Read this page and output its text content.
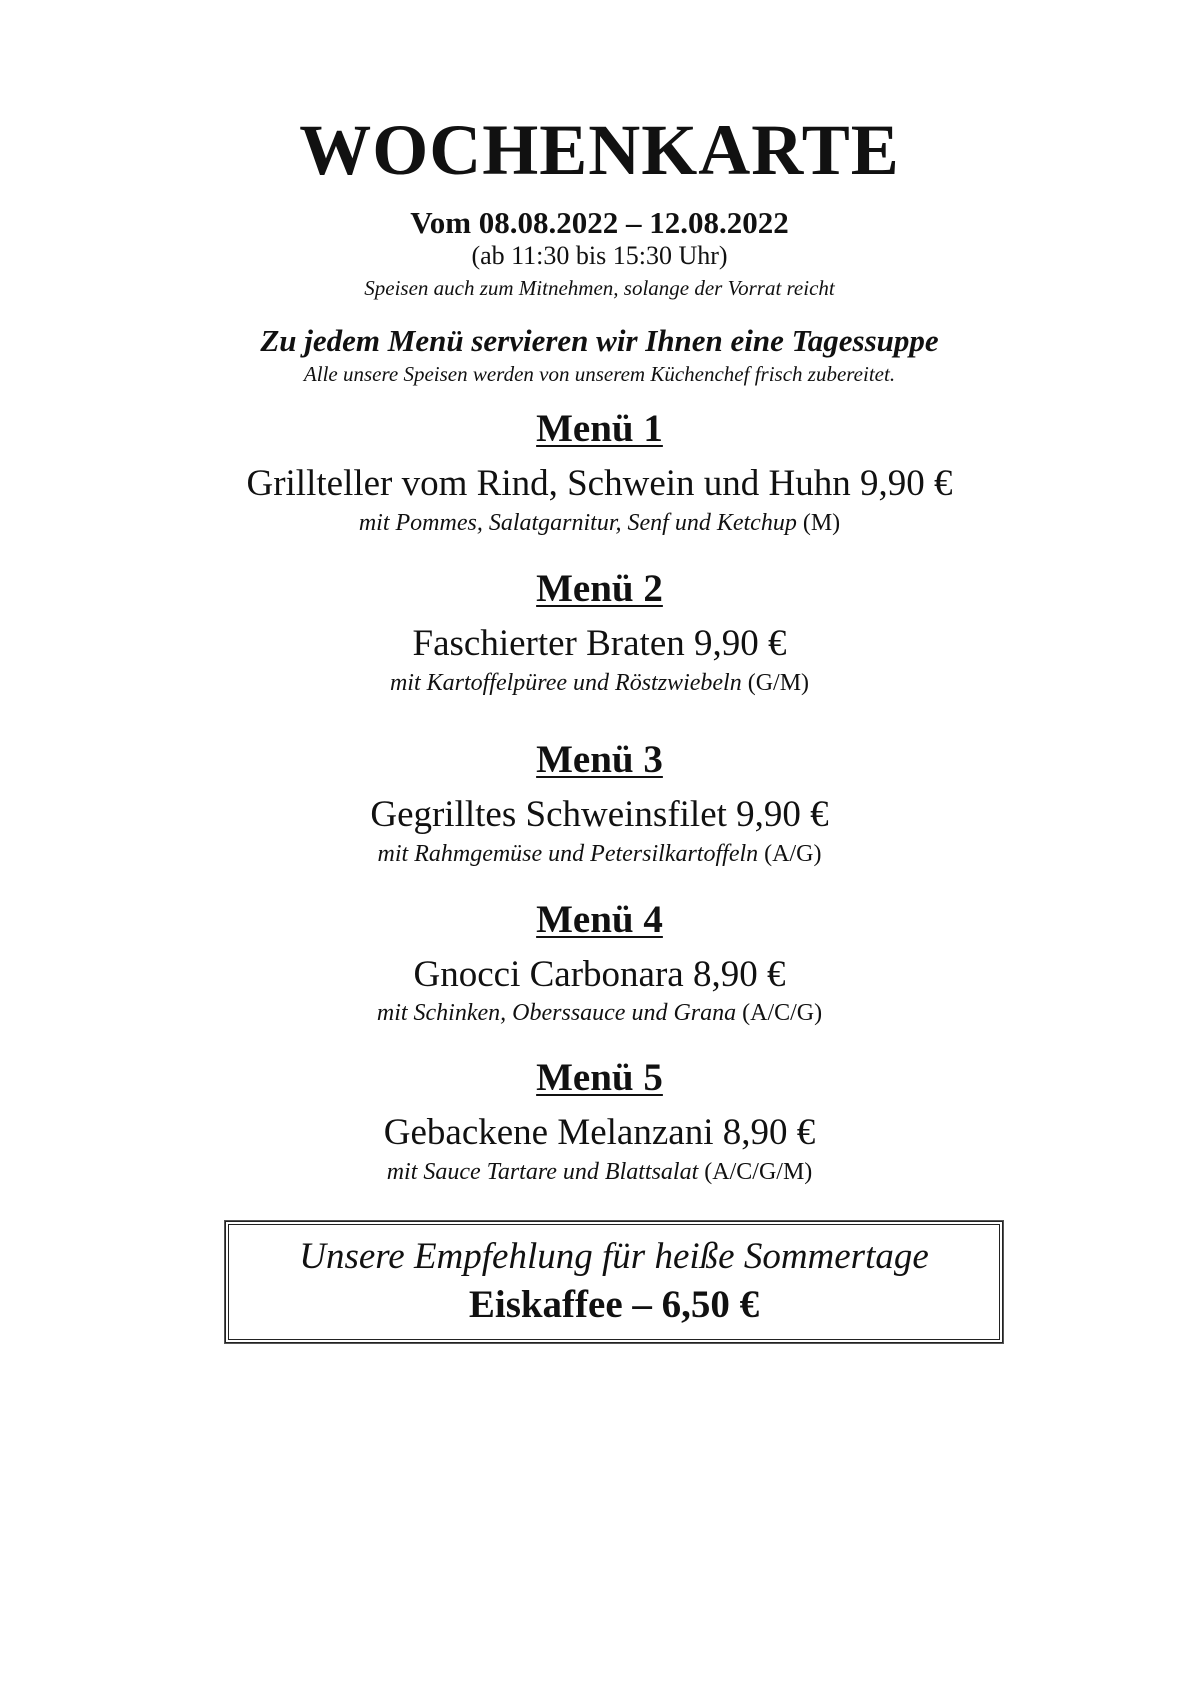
WOCHENKARTE
Vom 08.08.2022 – 12.08.2022
(ab 11:30 bis 15:30 Uhr)
Speisen auch zum Mitnehmen, solange der Vorrat reicht
Zu jedem Menü servieren wir Ihnen eine Tagessuppe
Alle unsere Speisen werden von unserem Küchenchef frisch zubereitet.
Menü 1
Grillteller vom Rind, Schwein und Huhn 9,90 €
mit Pommes, Salatgarnitur, Senf und Ketchup (M)
Menü 2
Faschierter Braten 9,90 €
mit Kartoffelpüree und Röstzwiebeln (G/M)
Menü 3
Gegrilltes Schweinsfilet 9,90 €
mit Rahmgemüse und Petersilkartoffeln (A/G)
Menü 4
Gnocci Carbonara 8,90 €
mit Schinken, Oberssauce und Grana (A/C/G)
Menü 5
Gebackene Melanzani 8,90 €
mit Sauce Tartare und Blattsalat (A/C/G/M)
Unsere Empfehlung für heiße Sommertage
Eiskaffee – 6,50 €
